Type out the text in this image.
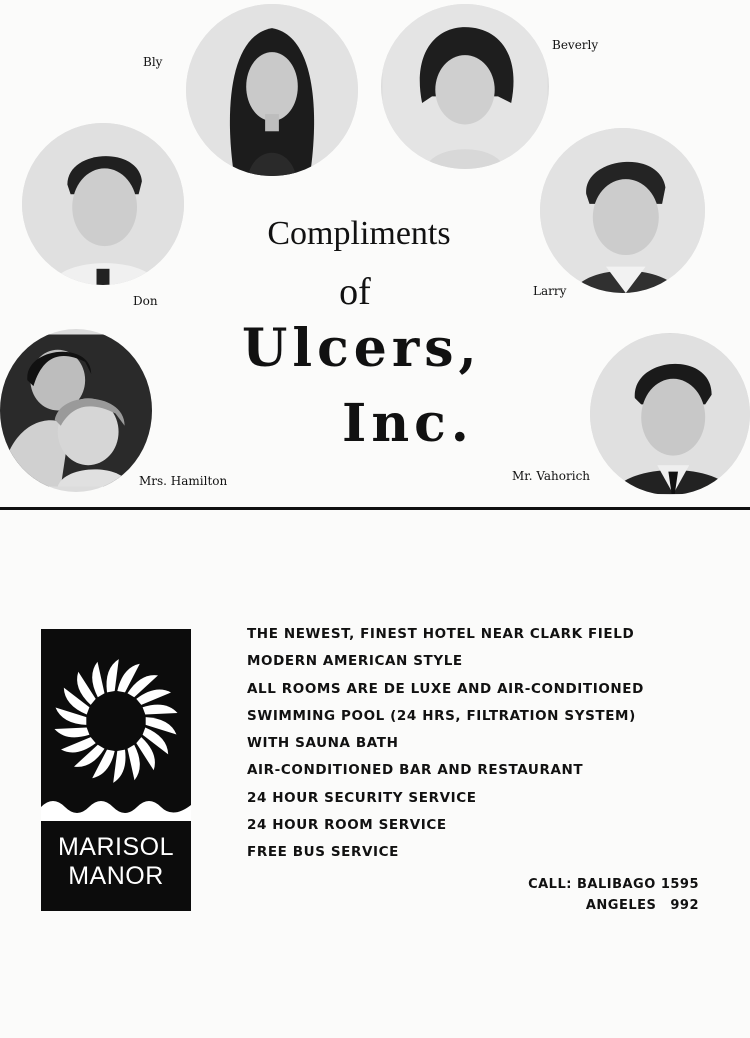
Bly
Beverly
Don
Larry
Mrs. Hamilton	Mr. Vahorich
Compliments
of
Ulcers,
Inc.
MARISOL
MANOR
THE NEWEST, FINEST HOTEL NEAR CLARK FIELD
MODERN AMERICAN STYLE
ALL ROOMS ARE DE LUXE AND AIR-CONDITIONED
SWIMMING POOL (24 HRS, FILTRATION SYSTEM)
WITH SAUNA BATH
AIR-CONDITIONED BAR AND RESTAURANT
24 HOUR SECURITY SERVICE
24 HOUR ROOM SERVICE
FREE BUS SERVICE
CALL: BALIBAGO 1595
ANGELES 992
